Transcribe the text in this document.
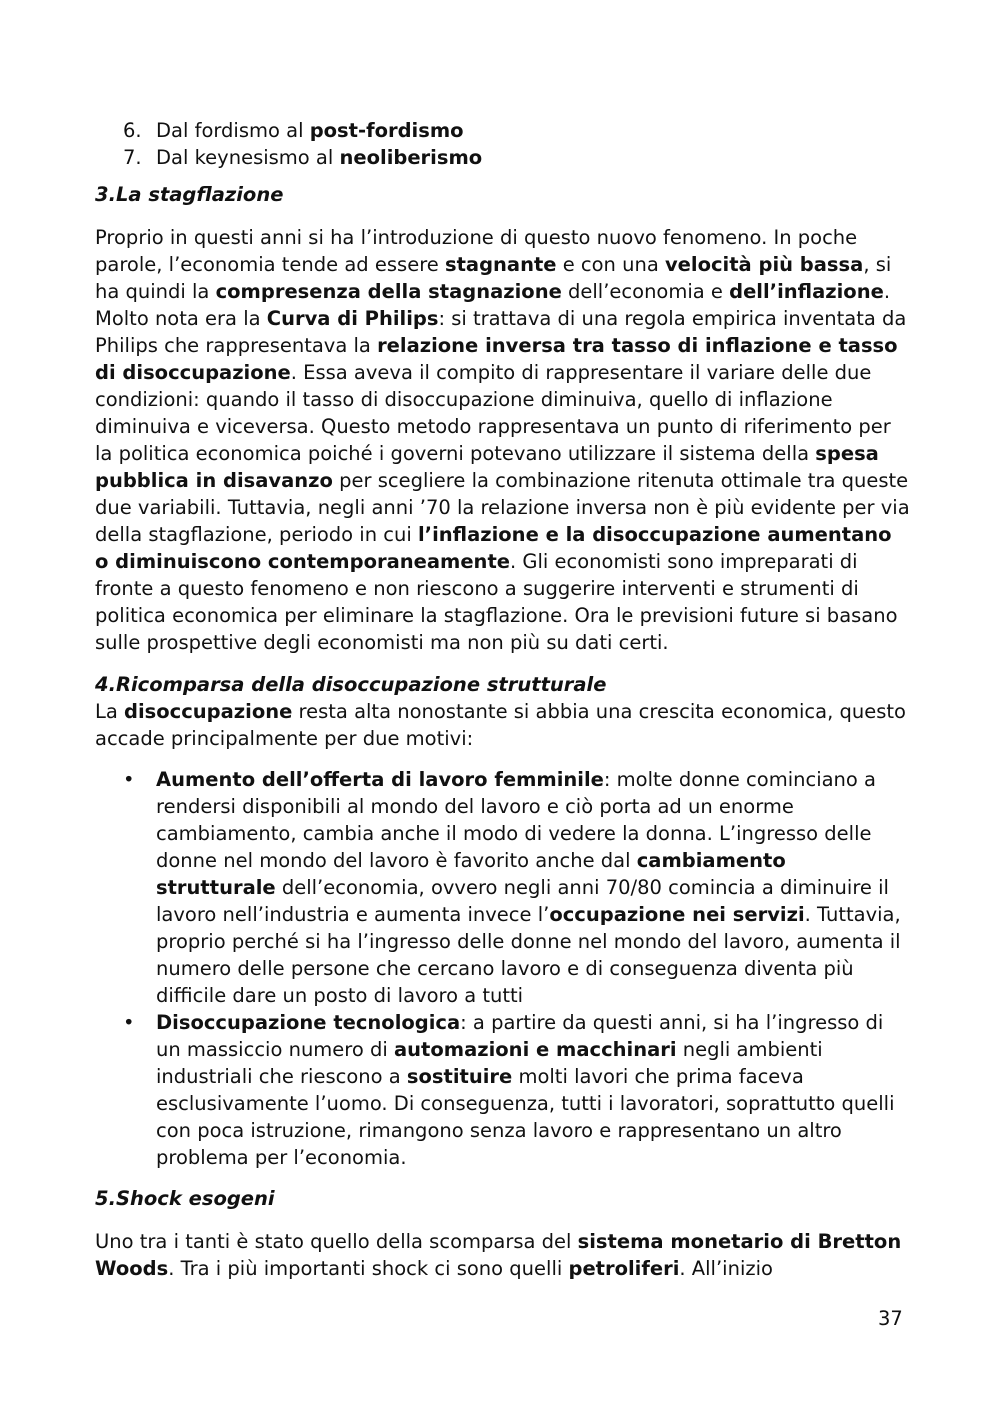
6. Dal fordismo al post-fordismo
7. Dal keynesismo al neoliberismo

3.La stagflazione

Proprio in questi anni si ha l’introduzione di questo nuovo fenomeno. In poche parole, l’economia tende ad essere stagnante e con una velocità più bassa, si ha quindi la compresenza della stagnazione dell’economia e dell’inflazione. Molto nota era la Curva di Philips: si trattava di una regola empirica inventata da Philips che rappresentava la relazione inversa tra tasso di inflazione e tasso di disoccupazione. Essa aveva il compito di rappresentare il variare delle due condizioni: quando il tasso di disoccupazione diminuiva, quello di inflazione diminuiva e viceversa. Questo metodo rappresentava un punto di riferimento per la politica economica poiché i governi potevano utilizzare il sistema della spesa pubblica in disavanzo per scegliere la combinazione ritenuta ottimale tra queste due variabili. Tuttavia, negli anni ’70 la relazione inversa non è più evidente per via della stagflazione, periodo in cui l’inflazione e la disoccupazione aumentano o diminuiscono contemporaneamente. Gli economisti sono impreparati di fronte a questo fenomeno e non riescono a suggerire interventi e strumenti di politica economica per eliminare la stagflazione. Ora le previsioni future si basano sulle prospettive degli economisti ma non più su dati certi.

4.Ricomparsa della disoccupazione strutturale

La disoccupazione resta alta nonostante si abbia una crescita economica, questo accade principalmente per due motivi:

• Aumento dell’offerta di lavoro femminile: molte donne cominciano a rendersi disponibili al mondo del lavoro e ciò porta ad un enorme cambiamento, cambia anche il modo di vedere la donna. L’ingresso delle donne nel mondo del lavoro è favorito anche dal cambiamento strutturale dell’economia, ovvero negli anni 70/80 comincia a diminuire il lavoro nell’industria e aumenta invece l’occupazione nei servizi. Tuttavia, proprio perché si ha l’ingresso delle donne nel mondo del lavoro, aumenta il numero delle persone che cercano lavoro e di conseguenza diventa più difficile dare un posto di lavoro a tutti
• Disoccupazione tecnologica: a partire da questi anni, si ha l’ingresso di un massiccio numero di automazioni e macchinari negli ambienti industriali che riescono a sostituire molti lavori che prima faceva esclusivamente l’uomo. Di conseguenza, tutti i lavoratori, soprattutto quelli con poca istruzione, rimangono senza lavoro e rappresentano un altro problema per l’economia.

5.Shock esogeni

Uno tra i tanti è stato quello della scomparsa del sistema monetario di Bretton Woods. Tra i più importanti shock ci sono quelli petroliferi. All’inizio

37
